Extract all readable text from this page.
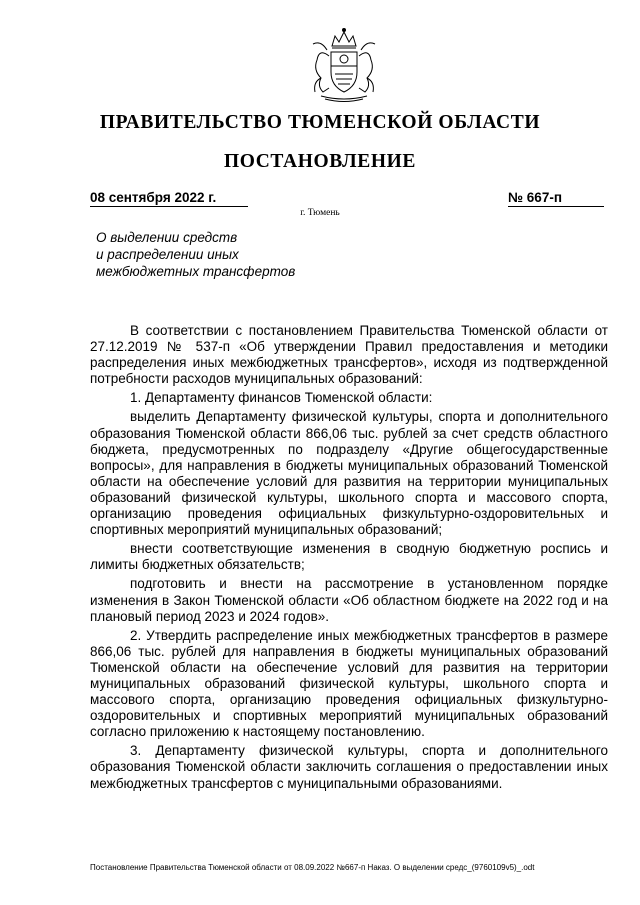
ПРАВИТЕЛЬСТВО ТЮМЕНСКОЙ ОБЛАСТИ
ПОСТАНОВЛЕНИЕ
08 сентября 2022 г.	№ 667-п
г. Тюмень
О выделении средств
и распределении иных
межбюджетных трансфертов

В соответствии с постановлением Правительства Тюменской области от 27.12.2019 № 537-п «Об утверждении Правил предоставления и методики распределения иных межбюджетных трансфертов», исходя из подтвержденной потребности расходов муниципальных образований:

1. Департаменту финансов Тюменской области:

выделить Департаменту физической культуры, спорта и дополнительного образования Тюменской области 866,06 тыс. рублей за счет средств областного бюджета, предусмотренных по подразделу «Другие общегосударственные вопросы», для направления в бюджеты муниципальных образований Тюменской области на обеспечение условий для развития на территории муниципальных образований физической культуры, школьного спорта и массового спорта, организацию проведения официальных физкультурно-оздоровительных и спортивных мероприятий муниципальных образований;

внести соответствующие изменения в сводную бюджетную роспись и лимиты бюджетных обязательств;

подготовить и внести на рассмотрение в установленном порядке изменения в Закон Тюменской области «Об областном бюджете на 2022 год и на плановый период 2023 и 2024 годов».

2. Утвердить распределение иных межбюджетных трансфертов в размере 866,06 тыс. рублей для направления в бюджеты муниципальных образований Тюменской области на обеспечение условий для развития на территории муниципальных образований физической культуры, школьного спорта и массового спорта, организацию проведения официальных физкультурно-оздоровительных и спортивных мероприятий муниципальных образований согласно приложению к настоящему постановлению.

3. Департаменту физической культуры, спорта и дополнительного образования Тюменской области заключить соглашения о предоставлении иных межбюджетных трансфертов с муниципальными образованиями.

Постановление Правительства Тюменской области от 08.09.2022 №667-п Наказ. О выделении средс_(9760109v5)_.odt
